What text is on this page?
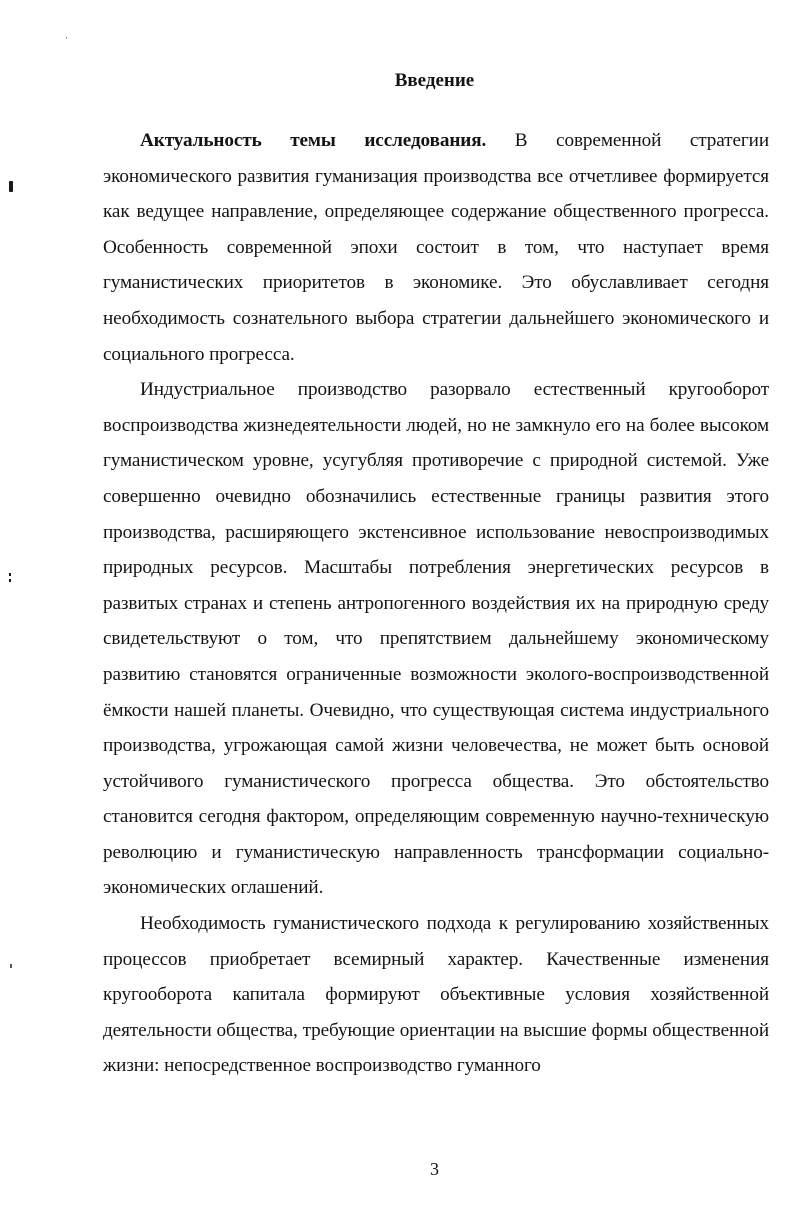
Введение

Актуальность темы исследования. В современной стратегии экономического развития гуманизация производства все отчетливее формируется как ведущее направление, определяющее содержание общественного прогресса. Особенность современной эпохи состоит в том, что наступает время гуманистических приоритетов в экономике. Это обуславливает сегодня необходимость сознательного выбора стратегии дальнейшего экономического и социального прогресса.

Индустриальное производство разорвало естественный кругооборот воспроизводства жизнедеятельности людей, но не замкнуло его на более высоком гуманистическом уровне, усугубляя противоречие с природной системой. Уже совершенно очевидно обозначились естественные границы развития этого производства, расширяющего экстенсивное использование невоспроизводимых природных ресурсов. Масштабы потребления энергетических ресурсов в развитых странах и степень антропогенного воздействия их на природную среду свидетельствуют о том, что препятствием дальнейшему экономическому развитию становятся ограниченные возможности эколого-воспроизводственной ёмкости нашей планеты. Очевидно, что существующая система индустриального производства, угрожающая самой жизни человечества, не может быть основой устойчивого гуманистического прогресса общества. Это обстоятельство становится сегодня фактором, определяющим современную научно-техническую революцию и гуманистическую направленность трансформации социально-экономических оглашений.

Необходимость гуманистического подхода к регулированию хозяйственных процессов приобретает всемирный характер. Качественные изменения кругооборота капитала формируют объективные условия хозяйственной деятельности общества, требующие ориентации на высшие формы общественной жизни: непосредственное воспроизводство гуманного

3
